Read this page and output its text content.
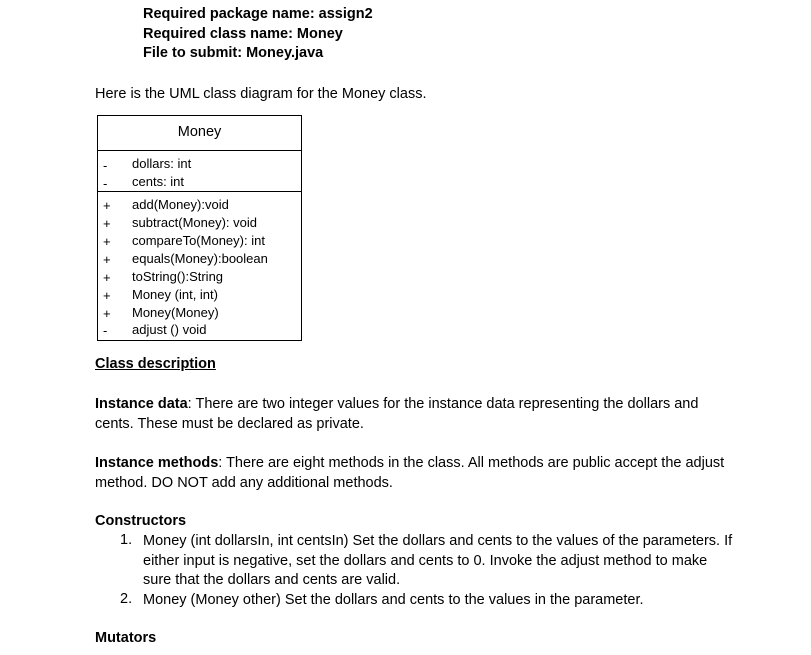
Required package name: assign2
Required class name: Money
File to submit: Money.java
Here is the UML class diagram for the Money class.
Money
- dollars: int
- cents: int
+ add(Money):void
+ subtract(Money): void
+ compareTo(Money): int
+ equals(Money):boolean
+ toString():String
+ Money (int, int)
+ Money(Money)
- adjust () void
Class description
Instance data: There are two integer values for the instance data representing the dollars and cents. These must be declared as private.
Instance methods: There are eight methods in the class. All methods are public accept the adjust method. DO NOT add any additional methods.
Constructors
1. Money (int dollarsIn, int centsIn) Set the dollars and cents to the values of the parameters. If either input is negative, set the dollars and cents to 0. Invoke the adjust method to make sure that the dollars and cents are valid.
2. Money (Money other) Set the dollars and cents to the values in the parameter.
Mutators
